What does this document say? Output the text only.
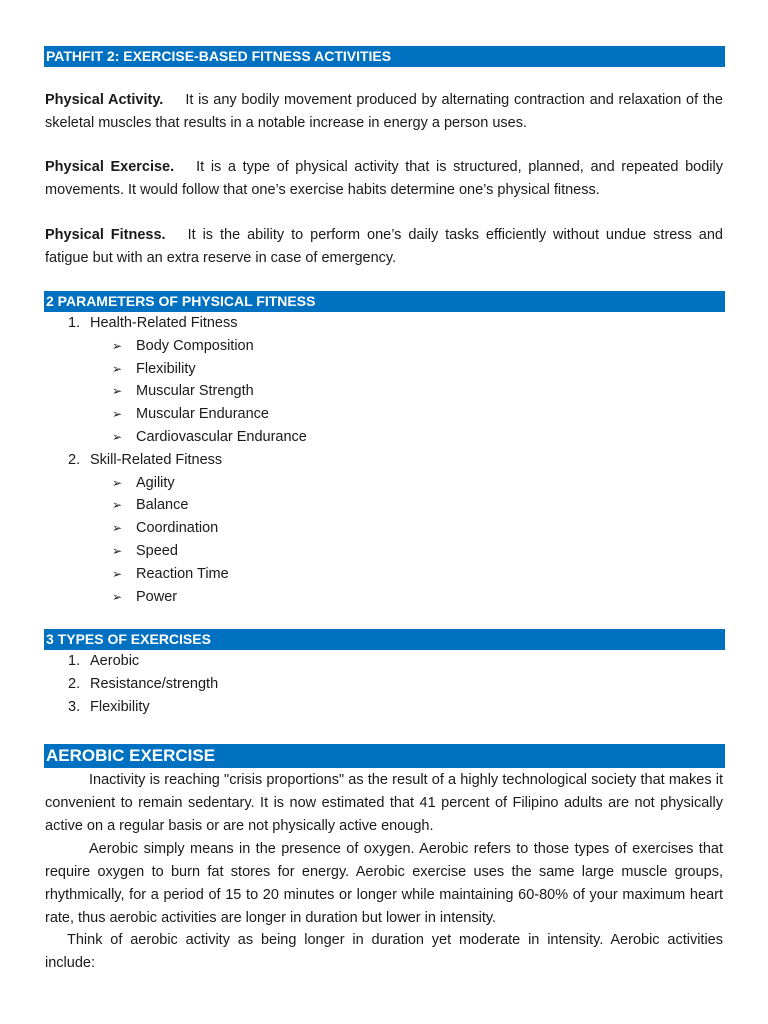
PATHFIT 2: EXERCISE-BASED FITNESS ACTIVITIES

Physical Activity. It is any bodily movement produced by alternating contraction and relaxation of the skeletal muscles that results in a notable increase in energy a person uses.

Physical Exercise. It is a type of physical activity that is structured, planned, and repeated bodily movements. It would follow that one’s exercise habits determine one’s physical fitness.

Physical Fitness. It is the ability to perform one’s daily tasks efficiently without undue stress and fatigue but with an extra reserve in case of emergency.

2 PARAMETERS OF PHYSICAL FITNESS
1. Health-Related Fitness
➢ Body Composition
➢ Flexibility
➢ Muscular Strength
➢ Muscular Endurance
➢ Cardiovascular Endurance
2. Skill-Related Fitness
➢ Agility
➢ Balance
➢ Coordination
➢ Speed
➢ Reaction Time
➢ Power
3 TYPES OF EXERCISES
1. Aerobic
2. Resistance/strength
3. Flexibility
AEROBIC EXERCISE

Inactivity is reaching "crisis proportions" as the result of a highly technological society that makes it convenient to remain sedentary. It is now estimated that 41 percent of Filipino adults are not physically active on a regular basis or are not physically active enough.

Aerobic simply means in the presence of oxygen. Aerobic refers to those types of exercises that require oxygen to burn fat stores for energy. Aerobic exercise uses the same large muscle groups, rhythmically, for a period of 15 to 20 minutes or longer while maintaining 60-80% of your maximum heart rate, thus aerobic activities are longer in duration but lower in intensity.

Think of aerobic activity as being longer in duration yet moderate in intensity. Aerobic activities include:
